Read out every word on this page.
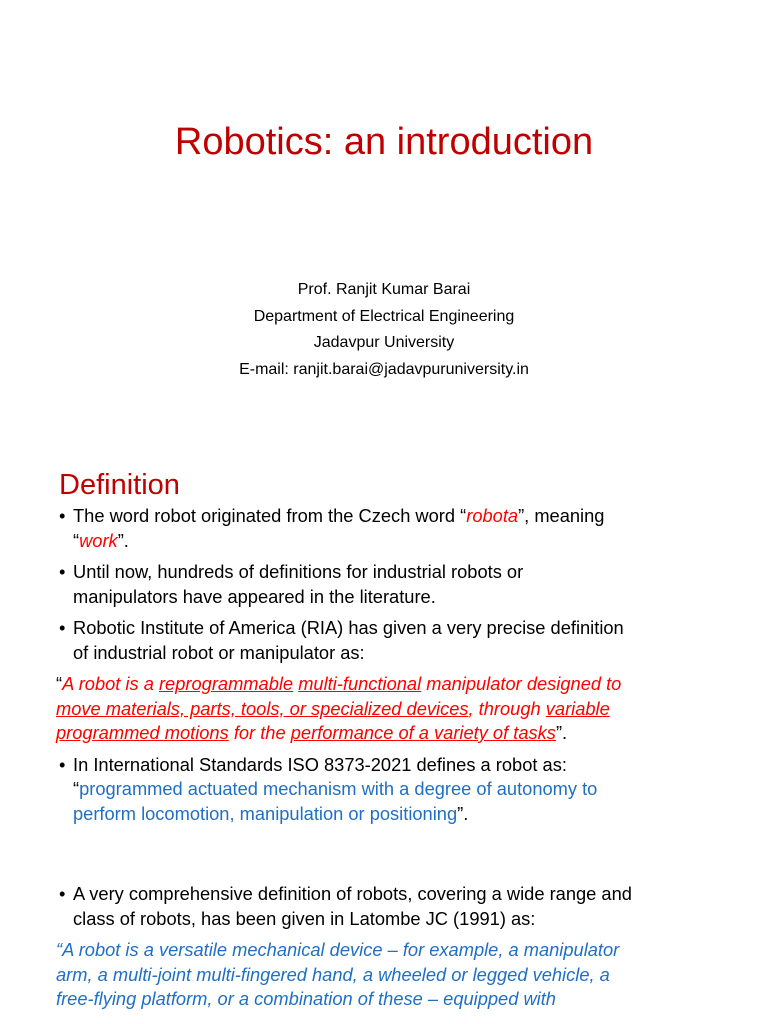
Robotics: an introduction
Prof. Ranjit Kumar Barai
Department of Electrical Engineering
Jadavpur University
E-mail: ranjit.barai@jadavpuruniversity.in
Definition
• The word robot originated from the Czech word “robota”, meaning
“work”.
• Until now, hundreds of definitions for industrial robots or
manipulators have appeared in the literature.
• Robotic Institute of America (RIA) has given a very precise definition
of industrial robot or manipulator as:
“A robot is a reprogrammable multi-functional manipulator designed to
move materials, parts, tools, or specialized devices, through variable
programmed motions for the performance of a variety of tasks”.
• In International Standards ISO 8373-2021 defines a robot as:
“programmed actuated mechanism with a degree of autonomy to
perform locomotion, manipulation or positioning”.
• A very comprehensive definition of robots, covering a wide range and
class of robots, has been given in Latombe JC (1991) as:
“A robot is a versatile mechanical device – for example, a manipulator
arm, a multi-joint multi-fingered hand, a wheeled or legged vehicle, a
free-flying platform, or a combination of these – equipped with
